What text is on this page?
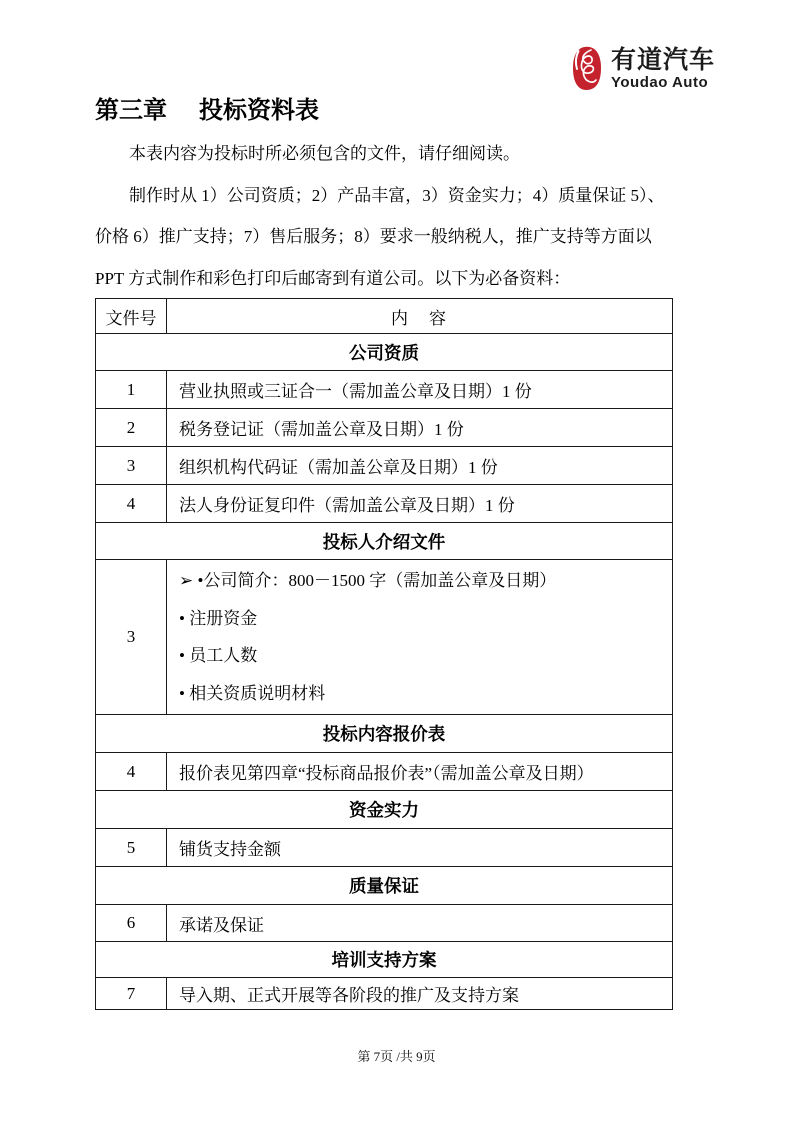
有道汽车
Youdao Auto
第三章 投标资料表

本表内容为投标时所必须包含的文件，请仔细阅读。

制作时从 1）公司资质；2）产品丰富，3）资金实力；4）质量保证 5）、

价格 6）推广支持；7）售后服务；8）要求一般纳税人，推广支持等方面以

PPT 方式制作和彩色打印后邮寄到有道公司。以下为必备资料：

文件号	内　容
公司资质	
1	营业执照或三证合一（需加盖公章及日期）1 份
2	税务登记证（需加盖公章及日期）1 份
3	组织机构代码证（需加盖公章及日期）1 份
4	法人身份证复印件（需加盖公章及日期）1 份
投标人介绍文件	
3	➢ •公司简介：800－1500 字（需加盖公章及日期）
• 注册资金
• 员工人数
• 相关资质说明材料

投标内容报价表	
4	报价表见第四章“投标商品报价表”（需加盖公章及日期）
资金实力	
5	铺货支持金额
质量保证	
6	承诺及保证
培训支持方案	
7	导入期、正式开展等各阶段的推广及支持方案
第 7页 /共 9页
